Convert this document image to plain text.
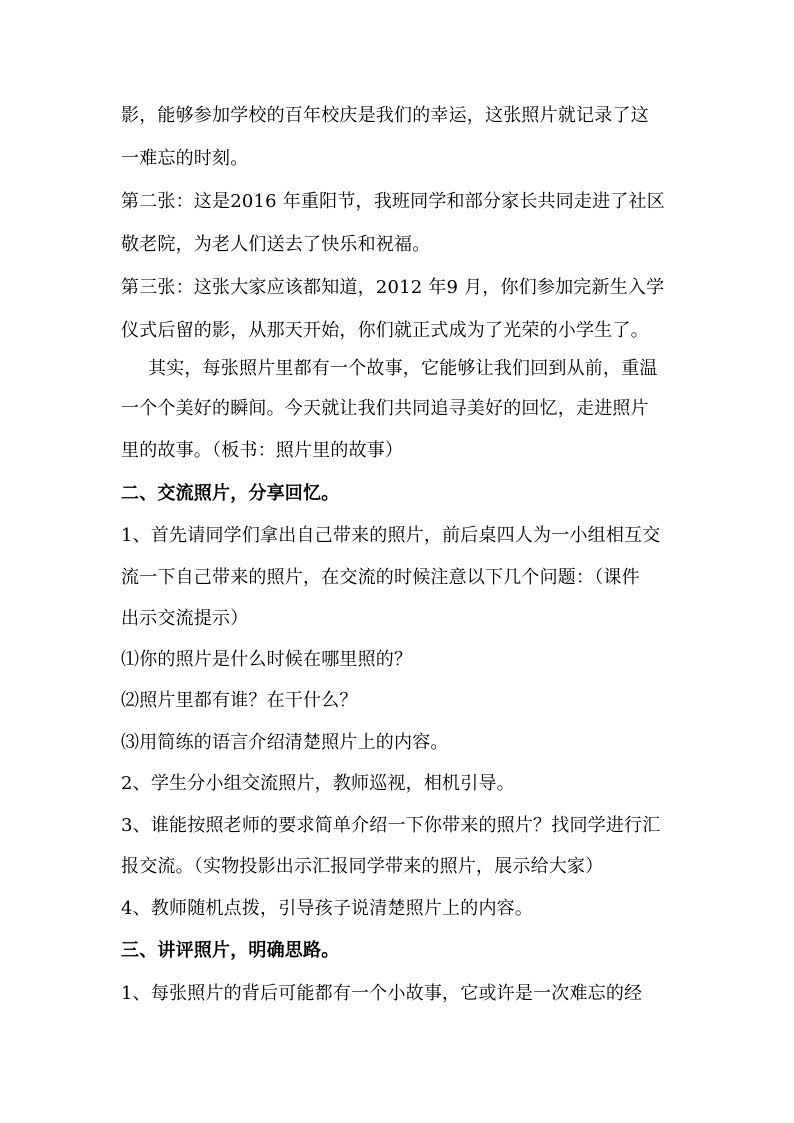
影，能够参加学校的百年校庆是我们的幸运，这张照片就记录了这
一难忘的时刻。
第二张：这是2016 年重阳节，我班同学和部分家长共同走进了社区
敬老院，为老人们送去了快乐和祝福。
第三张：这张大家应该都知道，2012 年9 月，你们参加完新生入学
仪式后留的影，从那天开始，你们就正式成为了光荣的小学生了。
其实，每张照片里都有一个故事，它能够让我们回到从前，重温
一个个美好的瞬间。今天就让我们共同追寻美好的回忆，走进照片
里的故事。（板书：照片里的故事）
二、交流照片，分享回忆。
1、首先请同学们拿出自己带来的照片，前后桌四人为一小组相互交
流一下自己带来的照片，在交流的时候注意以下几个问题：（课件
出示交流提示）
⑴你的照片是什么时候在哪里照的？
⑵照片里都有谁？在干什么？
⑶用简练的语言介绍清楚照片上的内容。
2、学生分小组交流照片，教师巡视，相机引导。
3、谁能按照老师的要求简单介绍一下你带来的照片？找同学进行汇
报交流。（实物投影出示汇报同学带来的照片，展示给大家）
4、教师随机点拨，引导孩子说清楚照片上的内容。
三、讲评照片，明确思路。
1、每张照片的背后可能都有一个小故事，它或许是一次难忘的经
